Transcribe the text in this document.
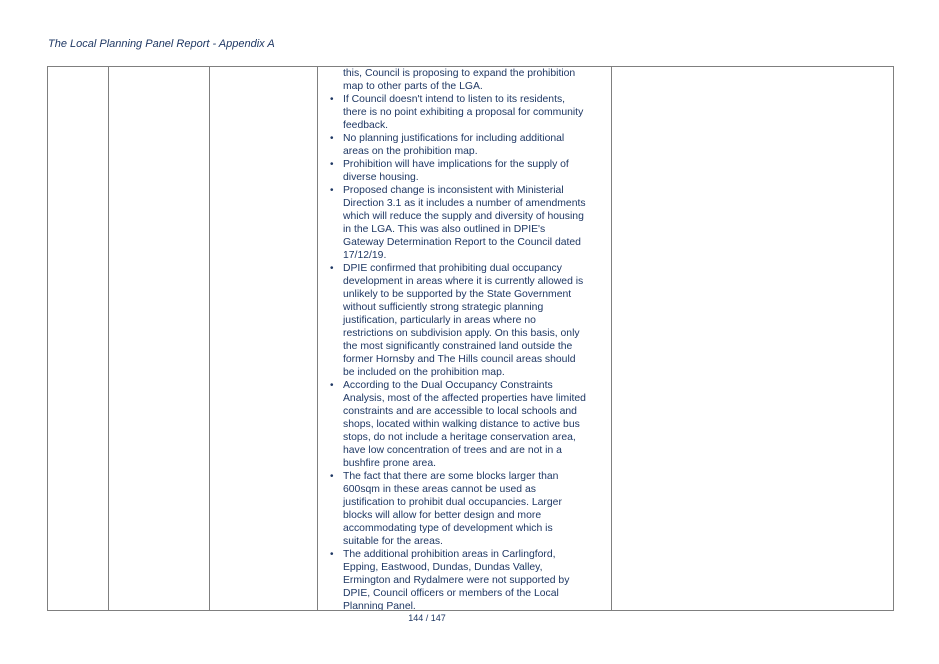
The Local Planning Panel Report - Appendix A
this, Council is proposing to expand the prohibition
map to other parts of the LGA.
• If Council doesn't intend to listen to its residents,
there is no point exhibiting a proposal for community
feedback.
• No planning justifications for including additional
areas on the prohibition map.
• Prohibition will have implications for the supply of
diverse housing.
• Proposed change is inconsistent with Ministerial
Direction 3.1 as it includes a number of amendments
which will reduce the supply and diversity of housing
in the LGA. This was also outlined in DPIE's
Gateway Determination Report to the Council dated
17/12/19.
• DPIE confirmed that prohibiting dual occupancy
development in areas where it is currently allowed is
unlikely to be supported by the State Government
without sufficiently strong strategic planning
justification, particularly in areas where no
restrictions on subdivision apply. On this basis, only
the most significantly constrained land outside the
former Hornsby and The Hills council areas should
be included on the prohibition map.
• According to the Dual Occupancy Constraints
Analysis, most of the affected properties have limited
constraints and are accessible to local schools and
shops, located within walking distance to active bus
stops, do not include a heritage conservation area,
have low concentration of trees and are not in a
bushfire prone area.
• The fact that there are some blocks larger than
600sqm in these areas cannot be used as
justification to prohibit dual occupancies. Larger
blocks will allow for better design and more
accommodating type of development which is
suitable for the areas.
• The additional prohibition areas in Carlingford,
Epping, Eastwood, Dundas, Dundas Valley,
Ermington and Rydalmere were not supported by
DPIE, Council officers or members of the Local
Planning Panel.
144 / 147
